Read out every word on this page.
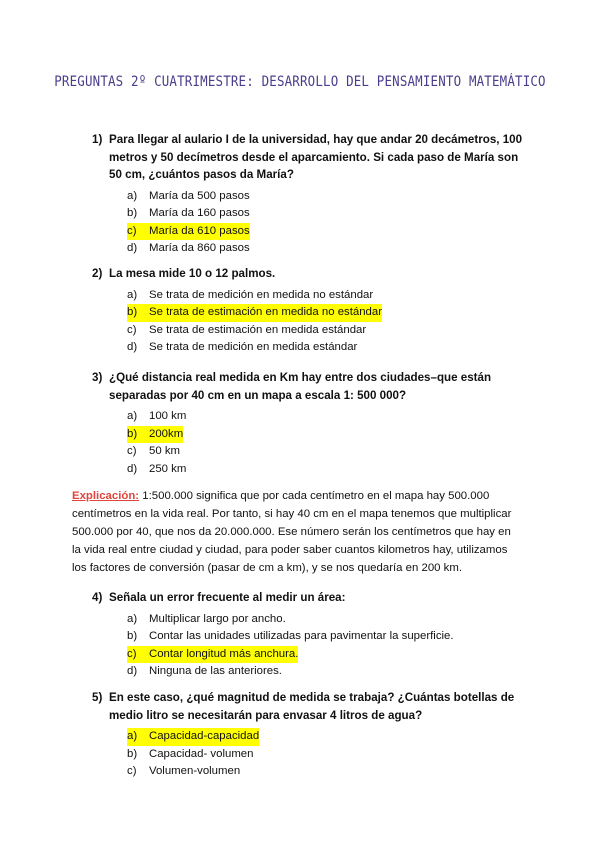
PREGUNTAS 2º CUATRIMESTRE: DESARROLLO DEL PENSAMIENTO MATEMÁTICO
1) Para llegar al aulario I de la universidad, hay que andar 20 decámetros, 100 metros y 50 decímetros desde el aparcamiento. Si cada paso de María son 50 cm, ¿cuántos pasos da María?
a)	María da 500 pasos
b)	María da 160 pasos
c)	María da 610 pasos
d)	María da 860 pasos
2) La mesa mide 10 o 12 palmos.
a)	Se trata de medición en medida no estándar
b)	Se trata de estimación en medida no estándar
c)	Se trata de estimación en medida estándar
d)	Se trata de medición en medida estándar
3) ¿Qué distancia real medida en Km hay entre dos ciudades–que están separadas por 40 cm en un mapa a escala 1: 500 000?
a)	100 km
b)	200km
c)	50 km
d)	250 km
Explicación: 1:500.000 significa que por cada centímetro en el mapa hay 500.000 centímetros en la vida real. Por tanto, si hay 40 cm en el mapa tenemos que multiplicar 500.000 por 40, que nos da 20.000.000. Ese número serán los centímetros que hay en la vida real entre ciudad y ciudad, para poder saber cuantos kilometros hay, utilizamos los factores de conversión (pasar de cm a km), y se nos quedaría en 200 km.
4) Señala un error frecuente al medir un área:
a)	Multiplicar largo por ancho.
b)	Contar las unidades utilizadas para pavimentar la superficie.
c)	Contar longitud más anchura.
d)	Ninguna de las anteriores.
5) En este caso, ¿qué magnitud de medida se trabaja? ¿Cuántas botellas de medio litro se necesitarán para envasar 4 litros de agua?
a)	Capacidad-capacidad
b)	Capacidad- volumen
c)	Volumen-volumen
